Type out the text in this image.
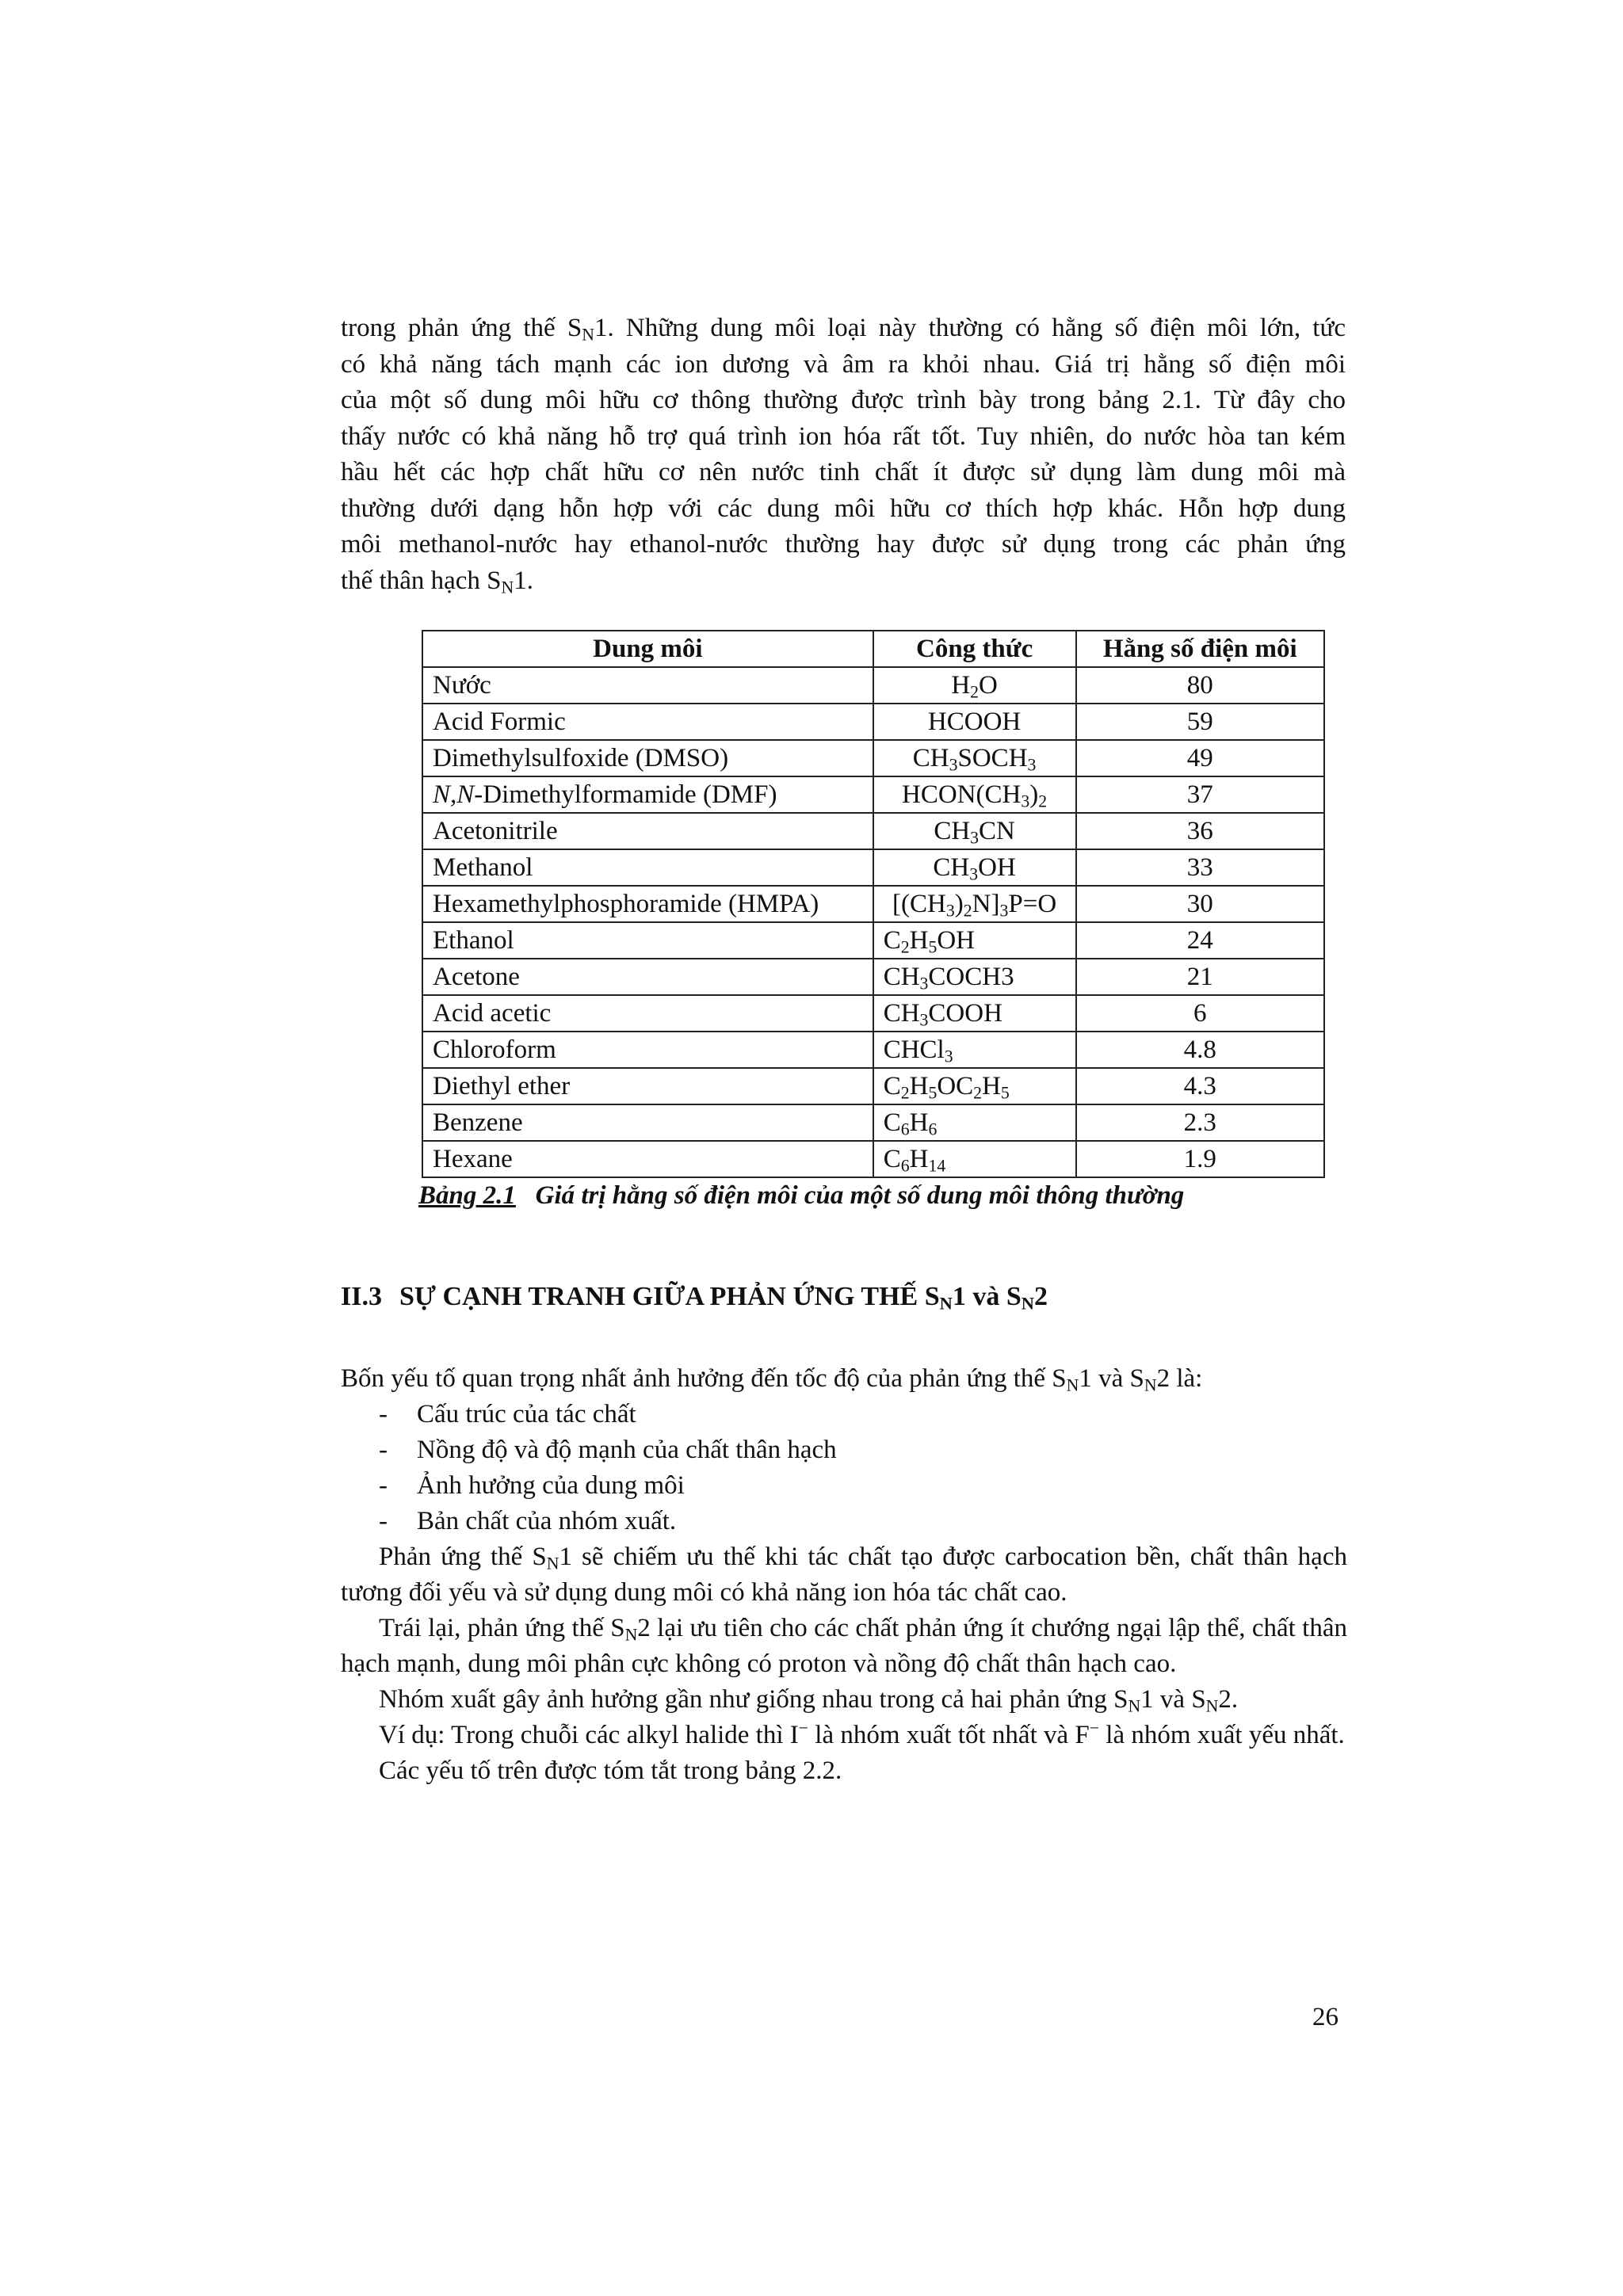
trong phản ứng thế $S_N1$. Những dung môi loại này thường có hằng số điện môi lớn, tức
có khả năng tách mạnh các ion dương và âm ra khỏi nhau. Giá trị hằng số điện môi
của một số dung môi hữu cơ thông thường được trình bày trong bảng 2.1. Từ đây cho
thấy nước có khả năng hỗ trợ quá trình ion hóa rất tốt. Tuy nhiên, do nước hòa tan kém
hầu hết các hợp chất hữu cơ nên nước tinh chất ít được sử dụng làm dung môi mà
thường dưới dạng hỗn hợp với các dung môi hữu cơ thích hợp khác. Hỗn hợp dung
môi methanol-nước hay ethanol-nước thường hay được sử dụng trong các phản ứng
thế thân hạch $S_N1$.
Dung môi	Công thức	Hằng số điện môi
Nước	$H_2O$	80
Acid Formic	HCOOH	59
Dimethylsulfoxide (DMSO)	$CH_3SOCH_3$	49
N,N-Dimethylformamide (DMF)	$HCON(CH_3)_2$	37
Acetonitrile	$CH_3CN$	36
Methanol	$CH_3OH$	33
Hexamethylphosphoramide (HMPA)	$[(CH_3)_2N]_3P=O$	30
Ethanol	$C_2H_5OH$	24
Acetone	$CH_3COCH3$	21
Acid acetic	$CH_3COOH$	6
Chloroform	CHCl$_3$	4.8
Diethyl ether	$C_2H_5OC_2H_5$	4.3
Benzene	$C_6H_6$	2.3
Hexane	$C_6H_{14}$	1.9
Bảng 2.1 Giá trị hằng số điện môi của một số dung môi thông thường
II.3 SỰ CẠNH TRANH GIỮA PHẢN ỨNG THẾ $S_N1$ và $S_N2$

Bốn yếu tố quan trọng nhất ảnh hưởng đến tốc độ của phản ứng thế $S_N1$ và $S_N2$ là:

- Cấu trúc của tác chất
- Nồng độ và độ mạnh của chất thân hạch
- Ảnh hưởng của dung môi
- Bản chất của nhóm xuất.

Phản ứng thế $S_N1$ sẽ chiếm ưu thế khi tác chất tạo được carbocation bền, chất thân hạch tương đối yếu và sử dụng dung môi có khả năng ion hóa tác chất cao.

Trái lại, phản ứng thế $S_N2$ lại ưu tiên cho các chất phản ứng ít chướng ngại lập thể, chất thân hạch mạnh, dung môi phân cực không có proton và nồng độ chất thân hạch cao.

Nhóm xuất gây ảnh hưởng gần như giống nhau trong cả hai phản ứng $S_N1$ và $S_N2$.

Ví dụ: Trong chuỗi các alkyl halide thì I− là nhóm xuất tốt nhất và F− là nhóm xuất yếu nhất.

Các yếu tố trên được tóm tắt trong bảng 2.2.

26
